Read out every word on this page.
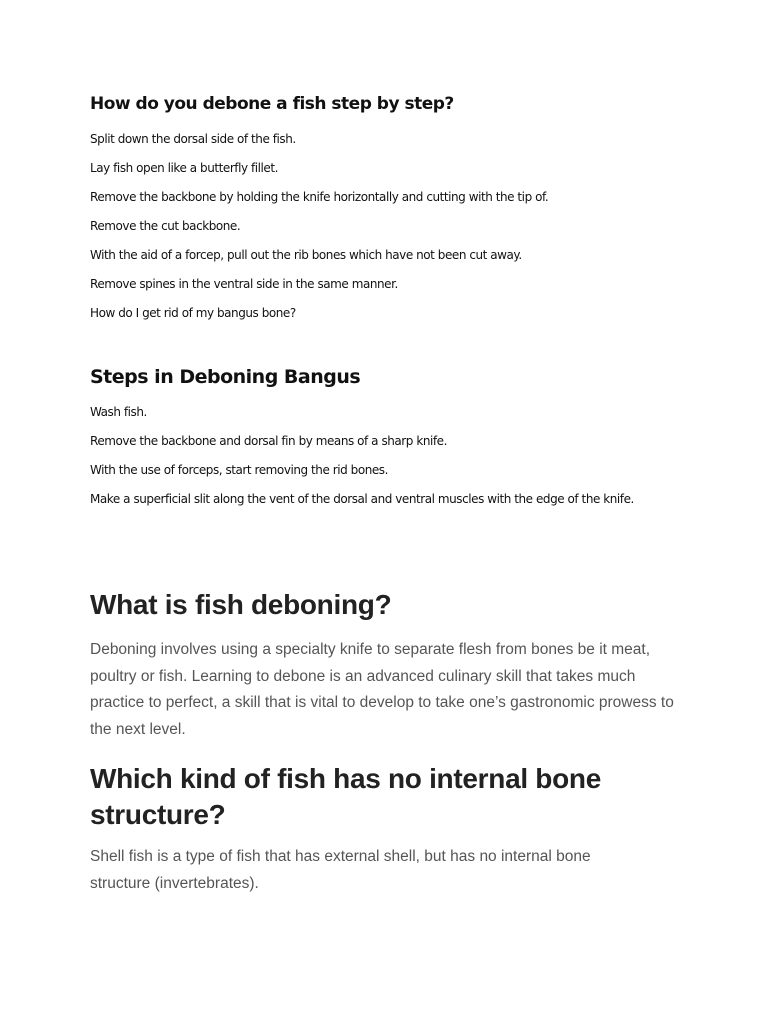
How do you debone a fish step by step?
Split down the dorsal side of the fish.
Lay fish open like a butterfly fillet.
Remove the backbone by holding the knife horizontally and cutting with the tip of.
Remove the cut backbone.
With the aid of a forcep, pull out the rib bones which have not been cut away.
Remove spines in the ventral side in the same manner.
How do I get rid of my bangus bone?
Steps in Deboning Bangus
Wash fish.
Remove the backbone and dorsal fin by means of a sharp knife.
With the use of forceps, start removing the rid bones.
Make a superficial slit along the vent of the dorsal and ventral muscles with the edge of the knife.
What is fish deboning?

Deboning involves using a specialty knife to separate flesh from bones be it meat, poultry or fish. Learning to debone is an advanced culinary skill that takes much practice to perfect, a skill that is vital to develop to take one’s gastronomic prowess to the next level.

Which kind of fish has no internal bone structure?

Shell fish is a type of fish that has external shell, but has no internal bone structure (invertebrates).
